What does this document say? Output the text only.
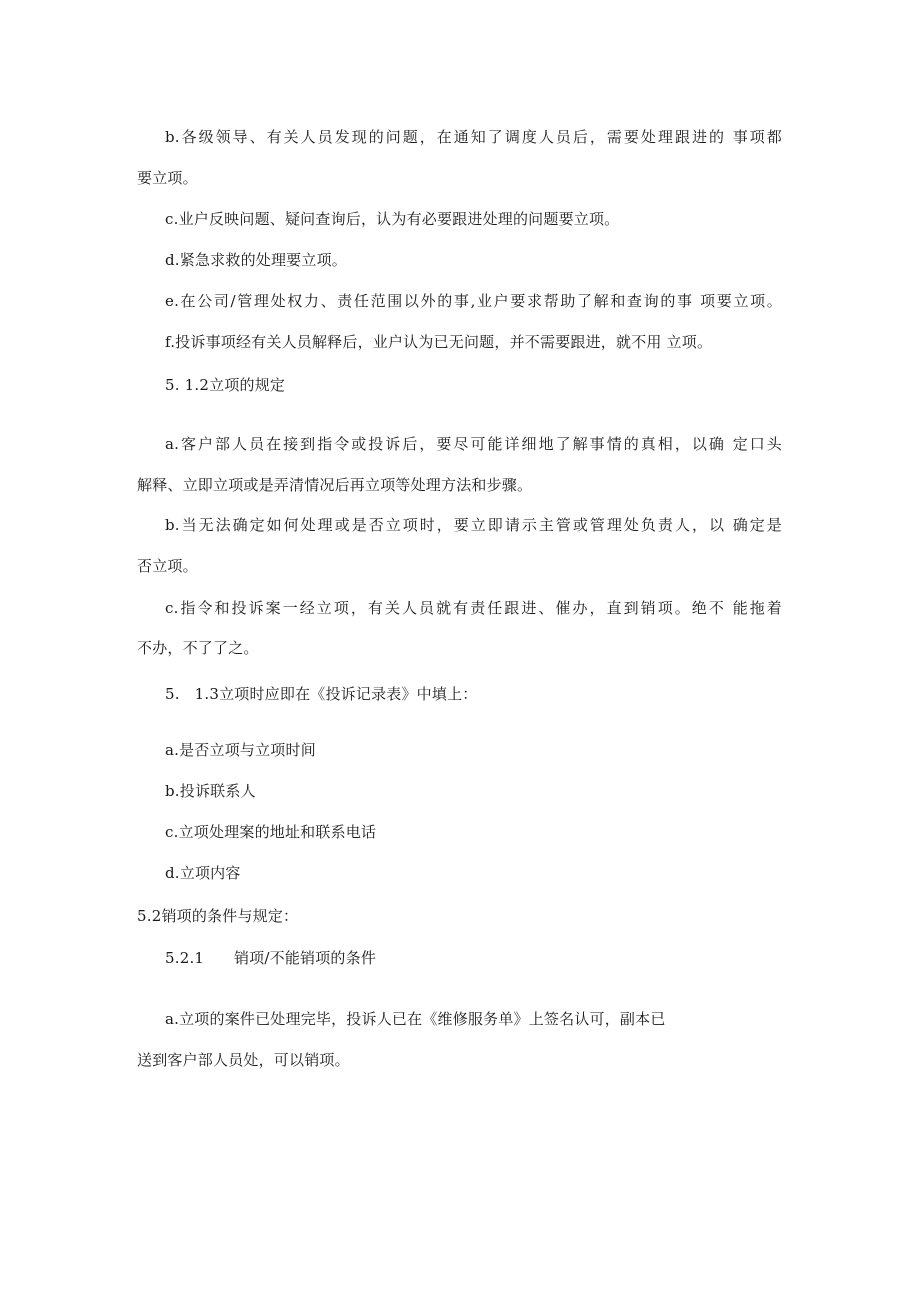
b.各级领导、有关人员发现的问题，在通知了调度人员后，需要处理跟进的 事项都
要立项。
c.业户反映问题、疑问查询后，认为有必要跟进处理的问题要立项。
d.紧急求救的处理要立项。
e.在公司/管理处权力、责任范围以外的事,业户要求帮助了解和查询的事 项要立项。
f.投诉事项经有关人员解释后，业户认为已无问题，并不需要跟进，就不用 立项。
5. 1.2立项的规定
a.客户部人员在接到指令或投诉后，要尽可能详细地了解事情的真相，以确 定口头
解释、立即立项或是弄清情况后再立项等处理方法和步骤。
b.当无法确定如何处理或是否立项时，要立即请示主管或管理处负责人，以 确定是
否立项。
c.指令和投诉案一经立项，有关人员就有责任跟进、催办，直到销项。绝不 能拖着
不办，不了了之。
5.   1.3立项时应即在《投诉记录表》中填上：
a.是否立项与立项时间
b.投诉联系人
c.立项处理案的地址和联系电话
d.立项内容
5.2销项的条件与规定：
5.2.1      销项/不能销项的条件
a.立项的案件已处理完毕，投诉人已在《维修服务单》上签名认可，副本已
送到客户部人员处，可以销项。
